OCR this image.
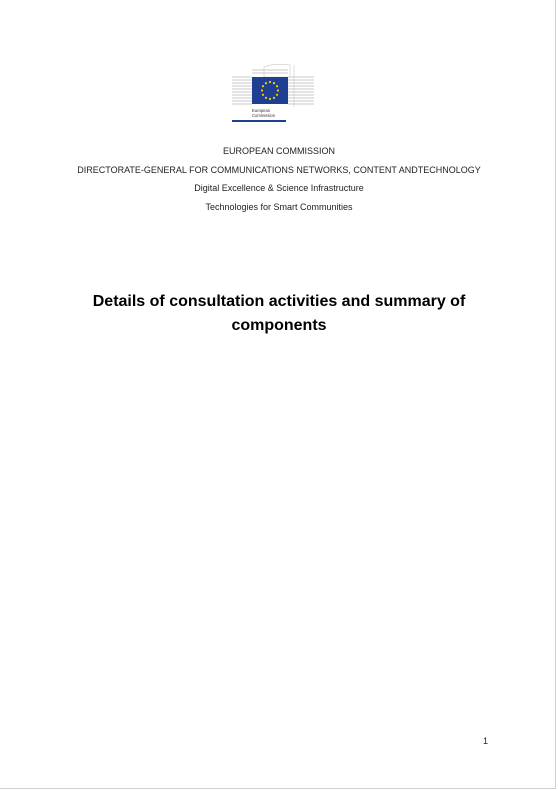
European
Commission
EUROPEAN COMMISSION
DIRECTORATE-GENERAL FOR COMMUNICATIONS NETWORKS, CONTENT ANDTECHNOLOGY
Digital Excellence & Science Infrastructure
Technologies for Smart Communities
Details of consultation activities and summary of components
1
